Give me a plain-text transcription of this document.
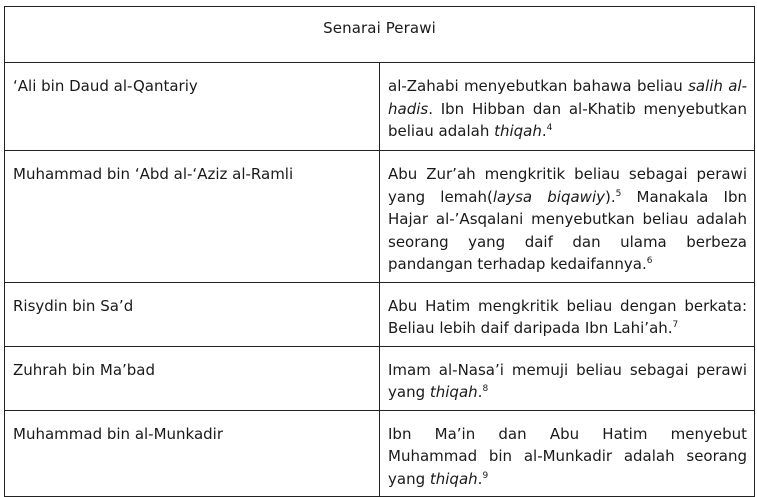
Senarai Perawi	

‘Ali bin Daud al-Qantariy	al-Zahabi menyebutkan bahawa beliau salih al-hadis. Ibn Hibban dan al-Khatib menyebutkan beliau adalah thiqah.$^4$

Muhammad bin ‘Abd al-‘Aziz al-Ramli	Abu Zur’ah mengkritik beliau sebagai perawi yang lemah(laysa biqawiy).$^5$ Manakala Ibn Hajar al-’Asqalani menyebutkan beliau adalah seorang yang daif dan ulama berbeza pandangan terhadap kedaifannya.$^6$

Risydin bin Sa’d	Abu Hatim mengkritik beliau dengan berkata: Beliau lebih daif daripada Ibn Lahi’ah.$^7$

Zuhrah bin Ma’bad	Imam al-Nasa’i memuji beliau sebagai perawi yang thiqah.$^8$

Muhammad bin al-Munkadir	Ibn Ma’in dan Abu Hatim menyebut Muhammad bin al-Munkadir adalah seorang yang thiqah.$^9$
